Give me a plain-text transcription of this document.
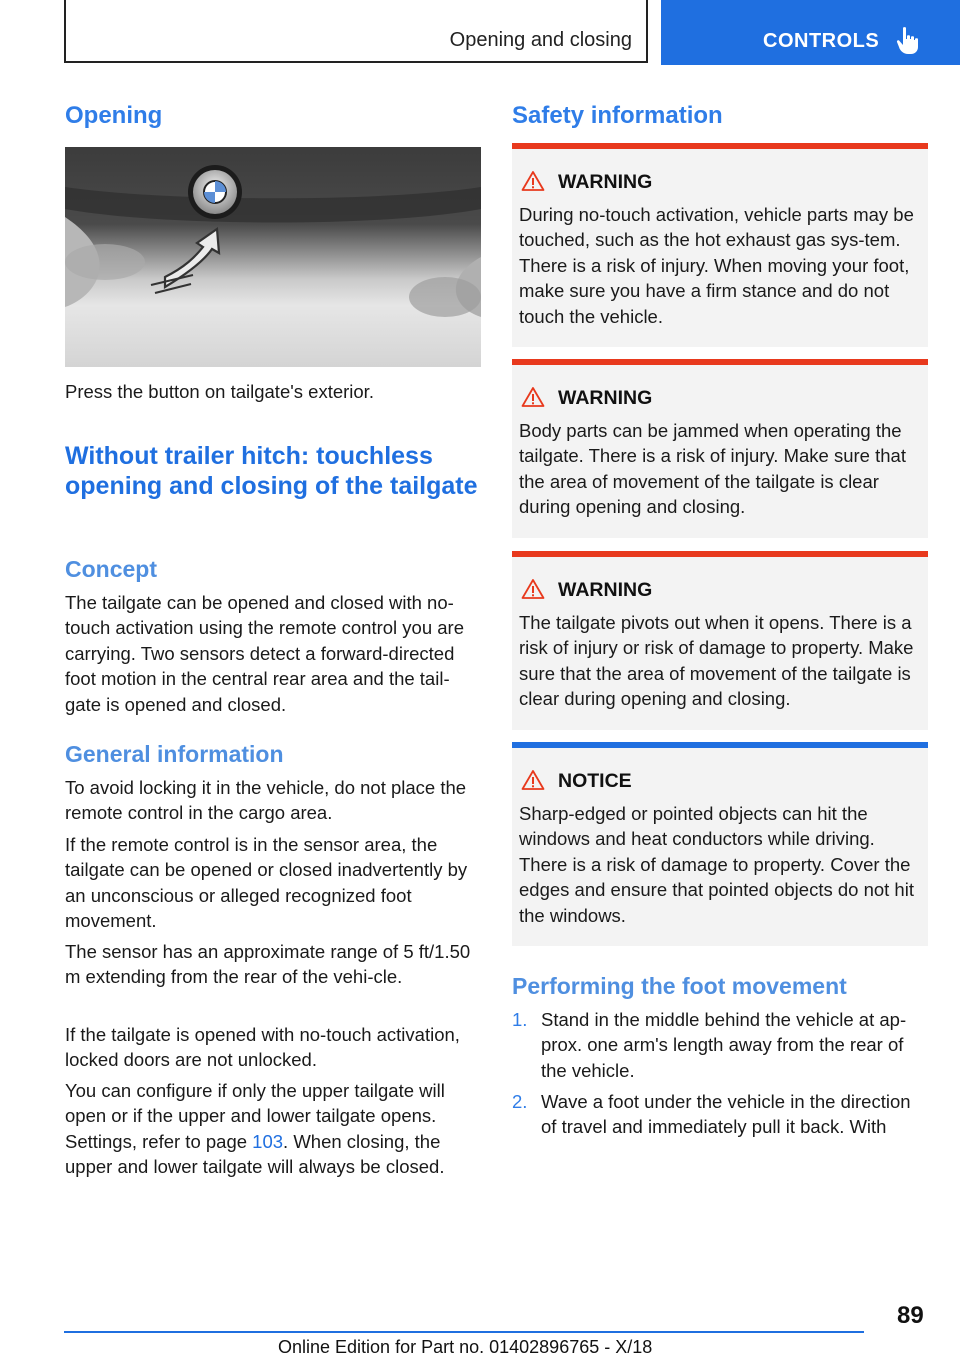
Opening and closing	CONTROLS
Opening

Press the button on tailgate's exterior.

Without trailer hitch: touchless opening and closing of the tailgate
Concept

The tailgate can be opened and closed with no-touch activation using the remote control you are carrying. Two sensors detect a forward-directed foot motion in the central rear area and the tail-gate is opened and closed.

General information

To avoid locking it in the vehicle, do not place the remote control in the cargo area.

If the remote control is in the sensor area, the tailgate can be opened or closed inadvertently by an unconscious or alleged recognized foot movement.

The sensor has an approximate range of 5 ft/1.50 m extending from the rear of the vehi-cle.

If the tailgate is opened with no-touch activation, locked doors are not unlocked.

You can configure if only the upper tailgate will open or if the upper and lower tailgate opens. Settings, refer to page 103. When closing, the upper and lower tailgate will always be closed.

Safety information
WARNING

During no-touch activation, vehicle parts may be touched, such as the hot exhaust gas sys-tem. There is a risk of injury. When moving your foot, make sure you have a firm stance and do not touch the vehicle.

WARNING

Body parts can be jammed when operating the tailgate. There is a risk of injury. Make sure that the area of movement of the tailgate is clear during opening and closing.

WARNING

The tailgate pivots out when it opens. There is a risk of injury or risk of damage to property. Make sure that the area of movement of the tailgate is clear during opening and closing.

NOTICE

Sharp-edged or pointed objects can hit the windows and heat conductors while driving. There is a risk of damage to property. Cover the edges and ensure that pointed objects do not hit the windows.

Performing the foot movement
1. Stand in the middle behind the vehicle at ap-prox. one arm's length away from the rear of the vehicle.

2. Wave a foot under the vehicle in the direction of travel and immediately pull it back. With

89
Online Edition for Part no. 01402896765 - X/18
